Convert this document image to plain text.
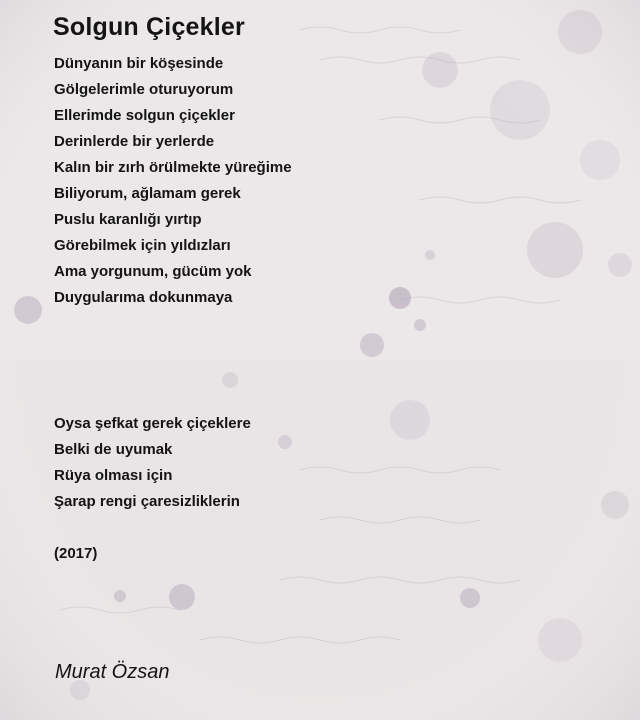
Solgun Çiçekler
Dünyanın bir köşesinde
Gölgelerimle oturuyorum
Ellerimde solgun çiçekler
Derinlerde bir yerlerde
Kalın bir zırh örülmekte yüreğime
Biliyorum, ağlamam gerek
Puslu karanlığı yırtıp
Görebilmek için yıldızları
Ama yorgunum, gücüm yok
Duygularıma dokunmaya
Oysa şefkat gerek çiçeklere
Belki de uyumak
Rüya olması için
Şarap rengi çaresizliklerin
(2017)
Murat Özsan
